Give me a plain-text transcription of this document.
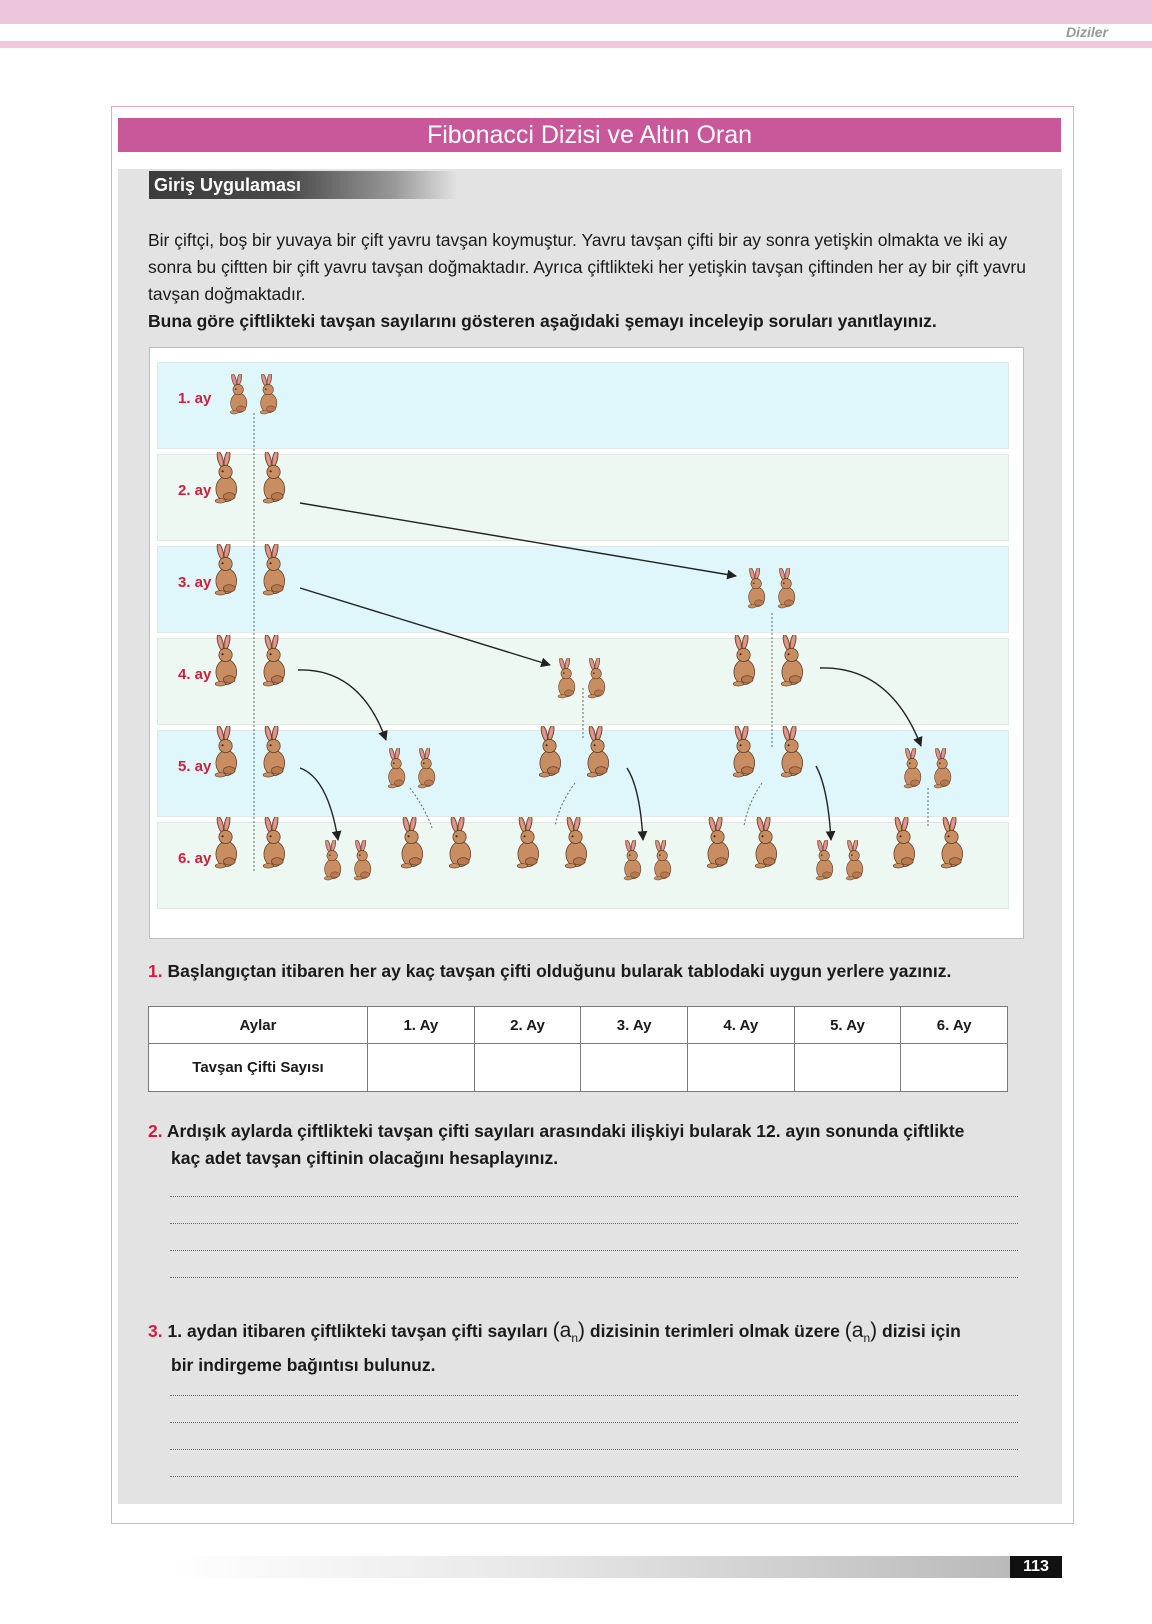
Diziler
Fibonacci Dizisi ve Altın Oran
Giriş Uygulaması
Bir çiftçi, boş bir yuvaya bir çift yavru tavşan koymuştur. Yavru tavşan çifti bir ay sonra yetişkin olmakta ve iki ay sonra bu çiftten bir çift yavru tavşan doğmaktadır. Ayrıca çiftlikteki her yetişkin tavşan çiftinden her ay bir çift yavru tavşan doğmaktadır.
Buna göre çiftlikteki tavşan sayılarını gösteren aşağıdaki şemayı inceleyip soruları yanıtlayınız.
1. ay
2. ay
3. ay
4. ay
5. ay
6. ay
1. Başlangıçtan itibaren her ay kaç tavşan çifti olduğunu bularak tablodaki uygun yerlere yazınız.
Aylar	1. Ay	2. Ay	3. Ay	4. Ay	5. Ay	6. Ay
Tavşan Çifti Sayısı						
2. Ardışık aylarda çiftlikteki tavşan çifti sayıları arasındaki ilişkiyi bularak 12. ayın sonunda çiftlikte
kaç adet tavşan çiftinin olacağını hesaplayınız.
3. 1. aydan itibaren çiftlikteki tavşan çifti sayıları $(a_n)$ dizisinin terimleri olmak üzere $(a_n)$ dizisi için
bir indirgeme bağıntısı bulunuz.
113
